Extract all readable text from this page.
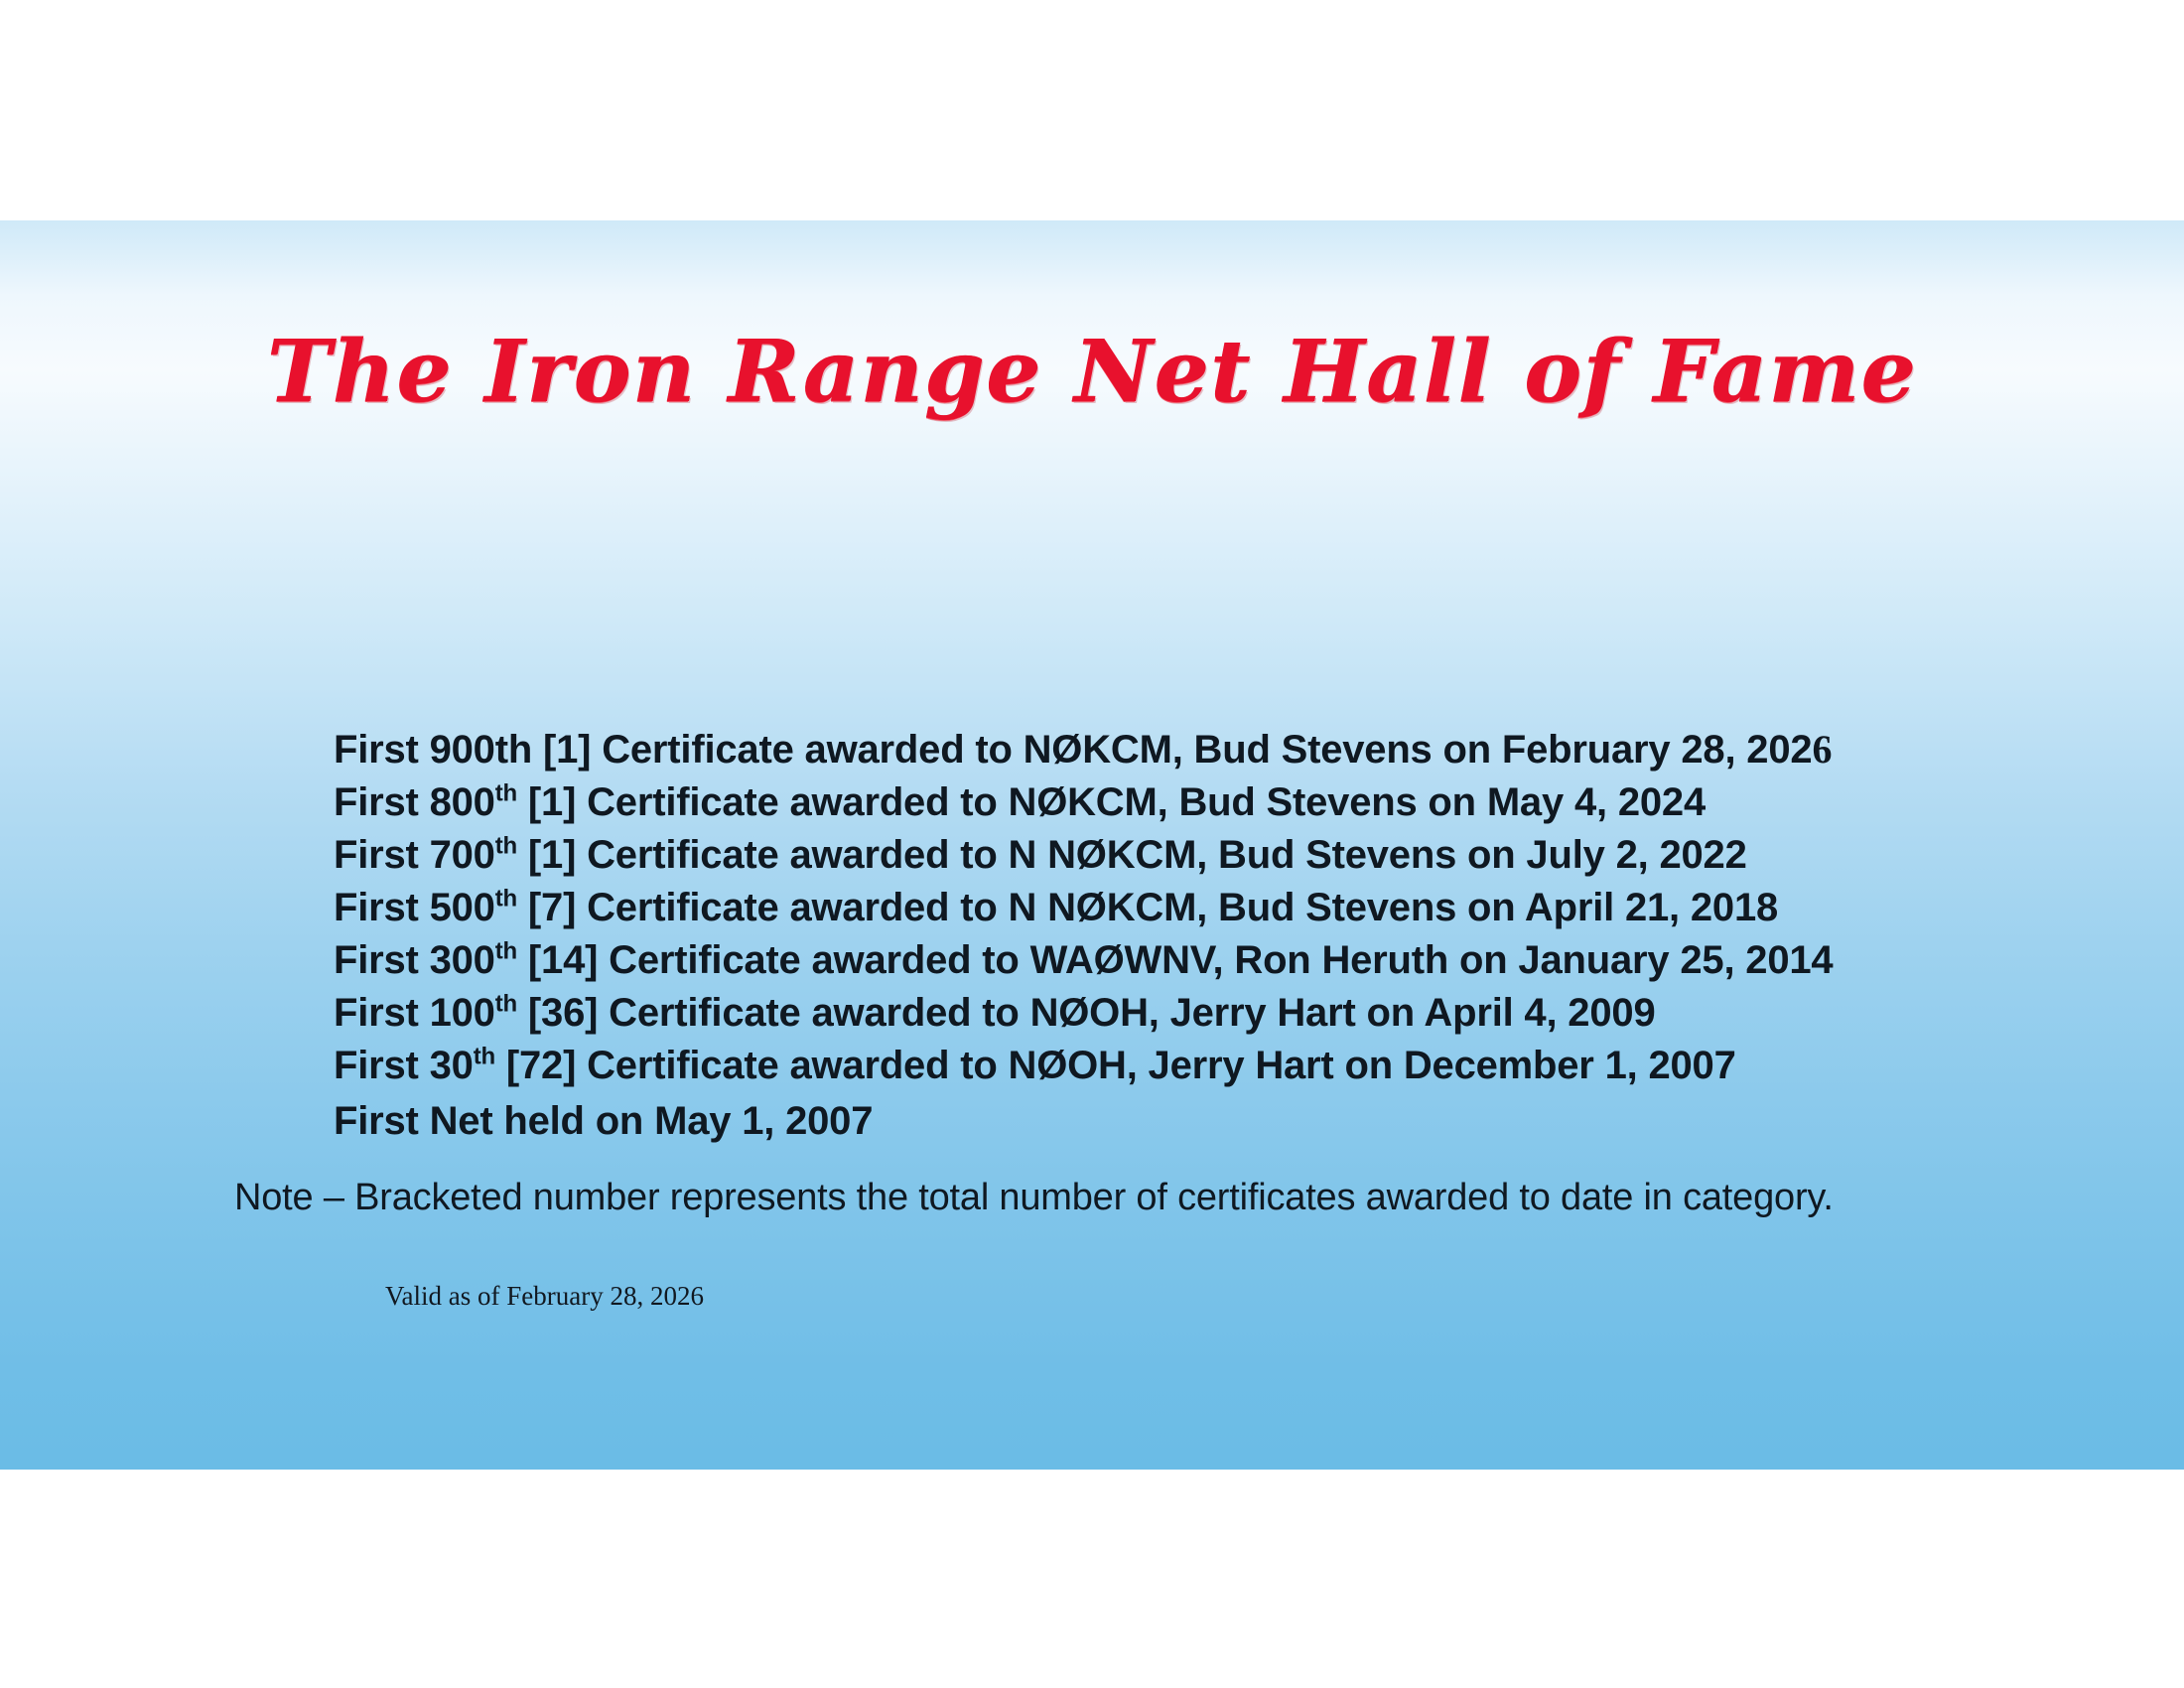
The Iron Range Net Hall of Fame

First 900th [1] Certificate awarded to NØKCM, Bud Stevens on February 28, 2026

First 800th [1] Certificate awarded to NØKCM, Bud Stevens on May 4, 2024

First 700th [1] Certificate awarded to N NØKCM, Bud Stevens on July 2, 2022

First 500th [7] Certificate awarded to N NØKCM, Bud Stevens on April 21, 2018

First 300th [14] Certificate awarded to WAØWNV, Ron Heruth on January 25, 2014

First 100th [36] Certificate awarded to NØOH, Jerry Hart on April 4, 2009

First 30th [72] Certificate awarded to NØOH, Jerry Hart on December 1, 2007

First Net held on May 1, 2007

Note – Bracketed number represents the total number of certificates awarded to date in category.
Valid as of February 28, 2026
